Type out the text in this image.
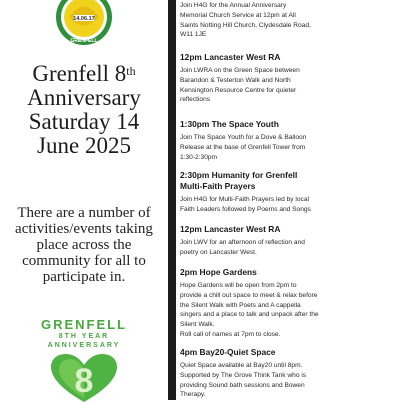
14.06.17
GRENFELL
Grenfell 8th
Anniversary
Saturday 14
June 2025
There are a number of
activities/events taking
place across the
community for all to
participate in.
GRENFELL
8TH YEAR
ANNIVERSARY
8
Join H4G for the Annual Anniversary
Memorial Church Service at 12pm at All
Saints Notting Hill Church, Clydesdale Road,
W11 1JE
12pm Lancaster West RA
Join LWRA on the Green Space between
Barandon & Testerton Walk and North
Kensington Resource Centre for quieter
reflections
1:30pm The Space Youth
Join The Space Youth for a Dove & Balloon
Release at the base of Grenfell Tower from
1:30-2:30pm
2:30pm Humanity for Grenfell
Multi-Faith Prayers
Join H4G for Multi-Faith Prayers led by local
Faith Leaders followed by Poems and Songs
12pm Lancaster West RA
Join LWV for an afternoon of reflection and
poetry on Lancaster West.
2pm Hope Gardens
Hope Gardens will be open from 2pm to
provide a chill out space to meet & relax before
the Silent Walk with Poets and A cappella
singers and a place to talk and unpack after the
Silent Walk.
Roll call of names at 7pm to close.
4pm Bay20-Quiet Space
Quiet Space available at Bay20 until 8pm.
Supported by The Grove Think Tank who is
providing Sound bath sessions and Bowen
Therapy.
